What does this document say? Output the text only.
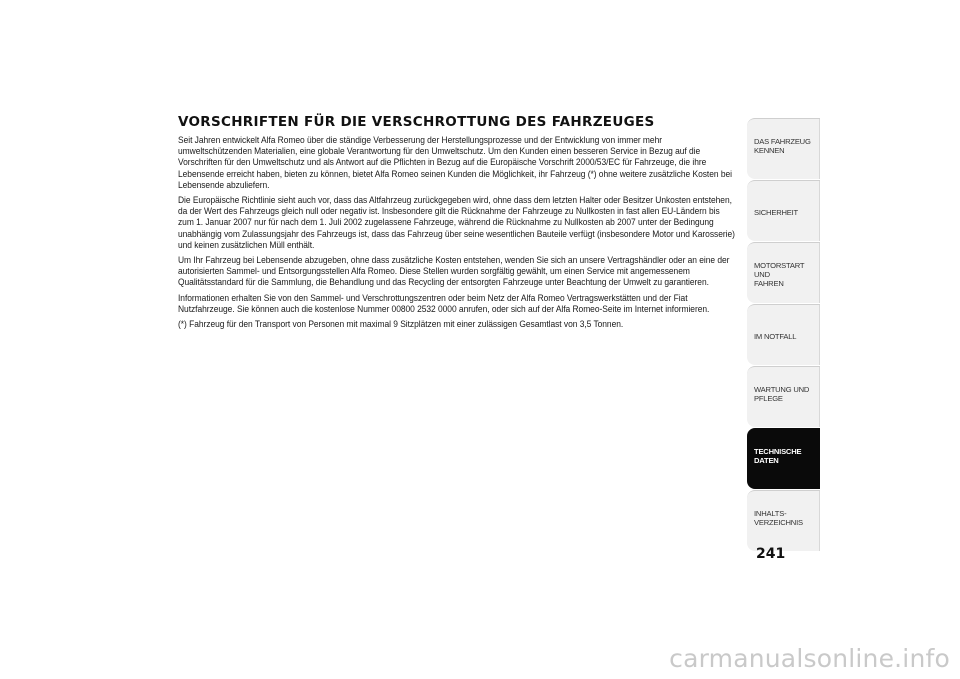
VORSCHRIFTEN FÜR DIE VERSCHROTTUNG DES FAHRZEUGES

Seit Jahren entwickelt Alfa Romeo über die ständige Verbesserung der Herstellungsprozesse und der Entwicklung von immer mehr umweltschützenden Materialien, eine globale Verantwortung für den Umweltschutz. Um den Kunden einen besseren Service in Bezug auf die Vorschriften für den Umweltschutz und als Antwort auf die Pflichten in Bezug auf die Europäische Vorschrift 2000/53/EC für Fahrzeuge, die ihre Lebensende erreicht haben, bieten zu können, bietet Alfa Romeo seinen Kunden die Möglichkeit, ihr Fahrzeug (*) ohne weitere zusätzliche Kosten bei Lebensende abzuliefern.

Die Europäische Richtlinie sieht auch vor, dass das Altfahrzeug zurückgegeben wird, ohne dass dem letzten Halter oder Besitzer Unkosten entstehen, da der Wert des Fahrzeugs gleich null oder negativ ist. Insbesondere gilt die Rücknahme der Fahrzeuge zu Nullkosten in fast allen EU-Ländern bis zum 1. Januar 2007 nur für nach dem 1. Juli 2002 zugelassene Fahrzeuge, während die Rücknahme zu Nullkosten ab 2007 unter der Bedingung unabhängig vom Zulassungsjahr des Fahrzeugs ist, dass das Fahrzeug über seine wesentlichen Bauteile verfügt (insbesondere Motor und Karosserie) und keinen zusätzlichen Müll enthält.

Um Ihr Fahrzeug bei Lebensende abzugeben, ohne dass zusätzliche Kosten entstehen, wenden Sie sich an unsere Vertragshändler oder an eine der autorisierten Sammel- und Entsorgungsstellen Alfa Romeo. Diese Stellen wurden sorgfältig gewählt, um einen Service mit angemessenem Qualitätsstandard für die Sammlung, die Behandlung und das Recycling der entsorgten Fahrzeuge unter Beachtung der Umwelt zu garantieren.

Informationen erhalten Sie von den Sammel- und Verschrottungszentren oder beim Netz der Alfa Romeo Vertragswerkstätten und der Fiat Nutzfahrzeuge. Sie können auch die kostenlose Nummer 00800 2532 0000 anrufen, oder sich auf der Alfa Romeo-Seite im Internet informieren.

(*) Fahrzeug für den Transport von Personen mit maximal 9 Sitzplätzen mit einer zulässigen Gesamtlast von 3,5 Tonnen.

DAS FAHRZEUG
KENNEN
SICHERHEIT
MOTORSTART UND
FAHREN
IM NOTFALL
WARTUNG UND
PFLEGE
TECHNISCHE
DATEN
INHALTS-
VERZEICHNIS
241
carmanualsonline.info
